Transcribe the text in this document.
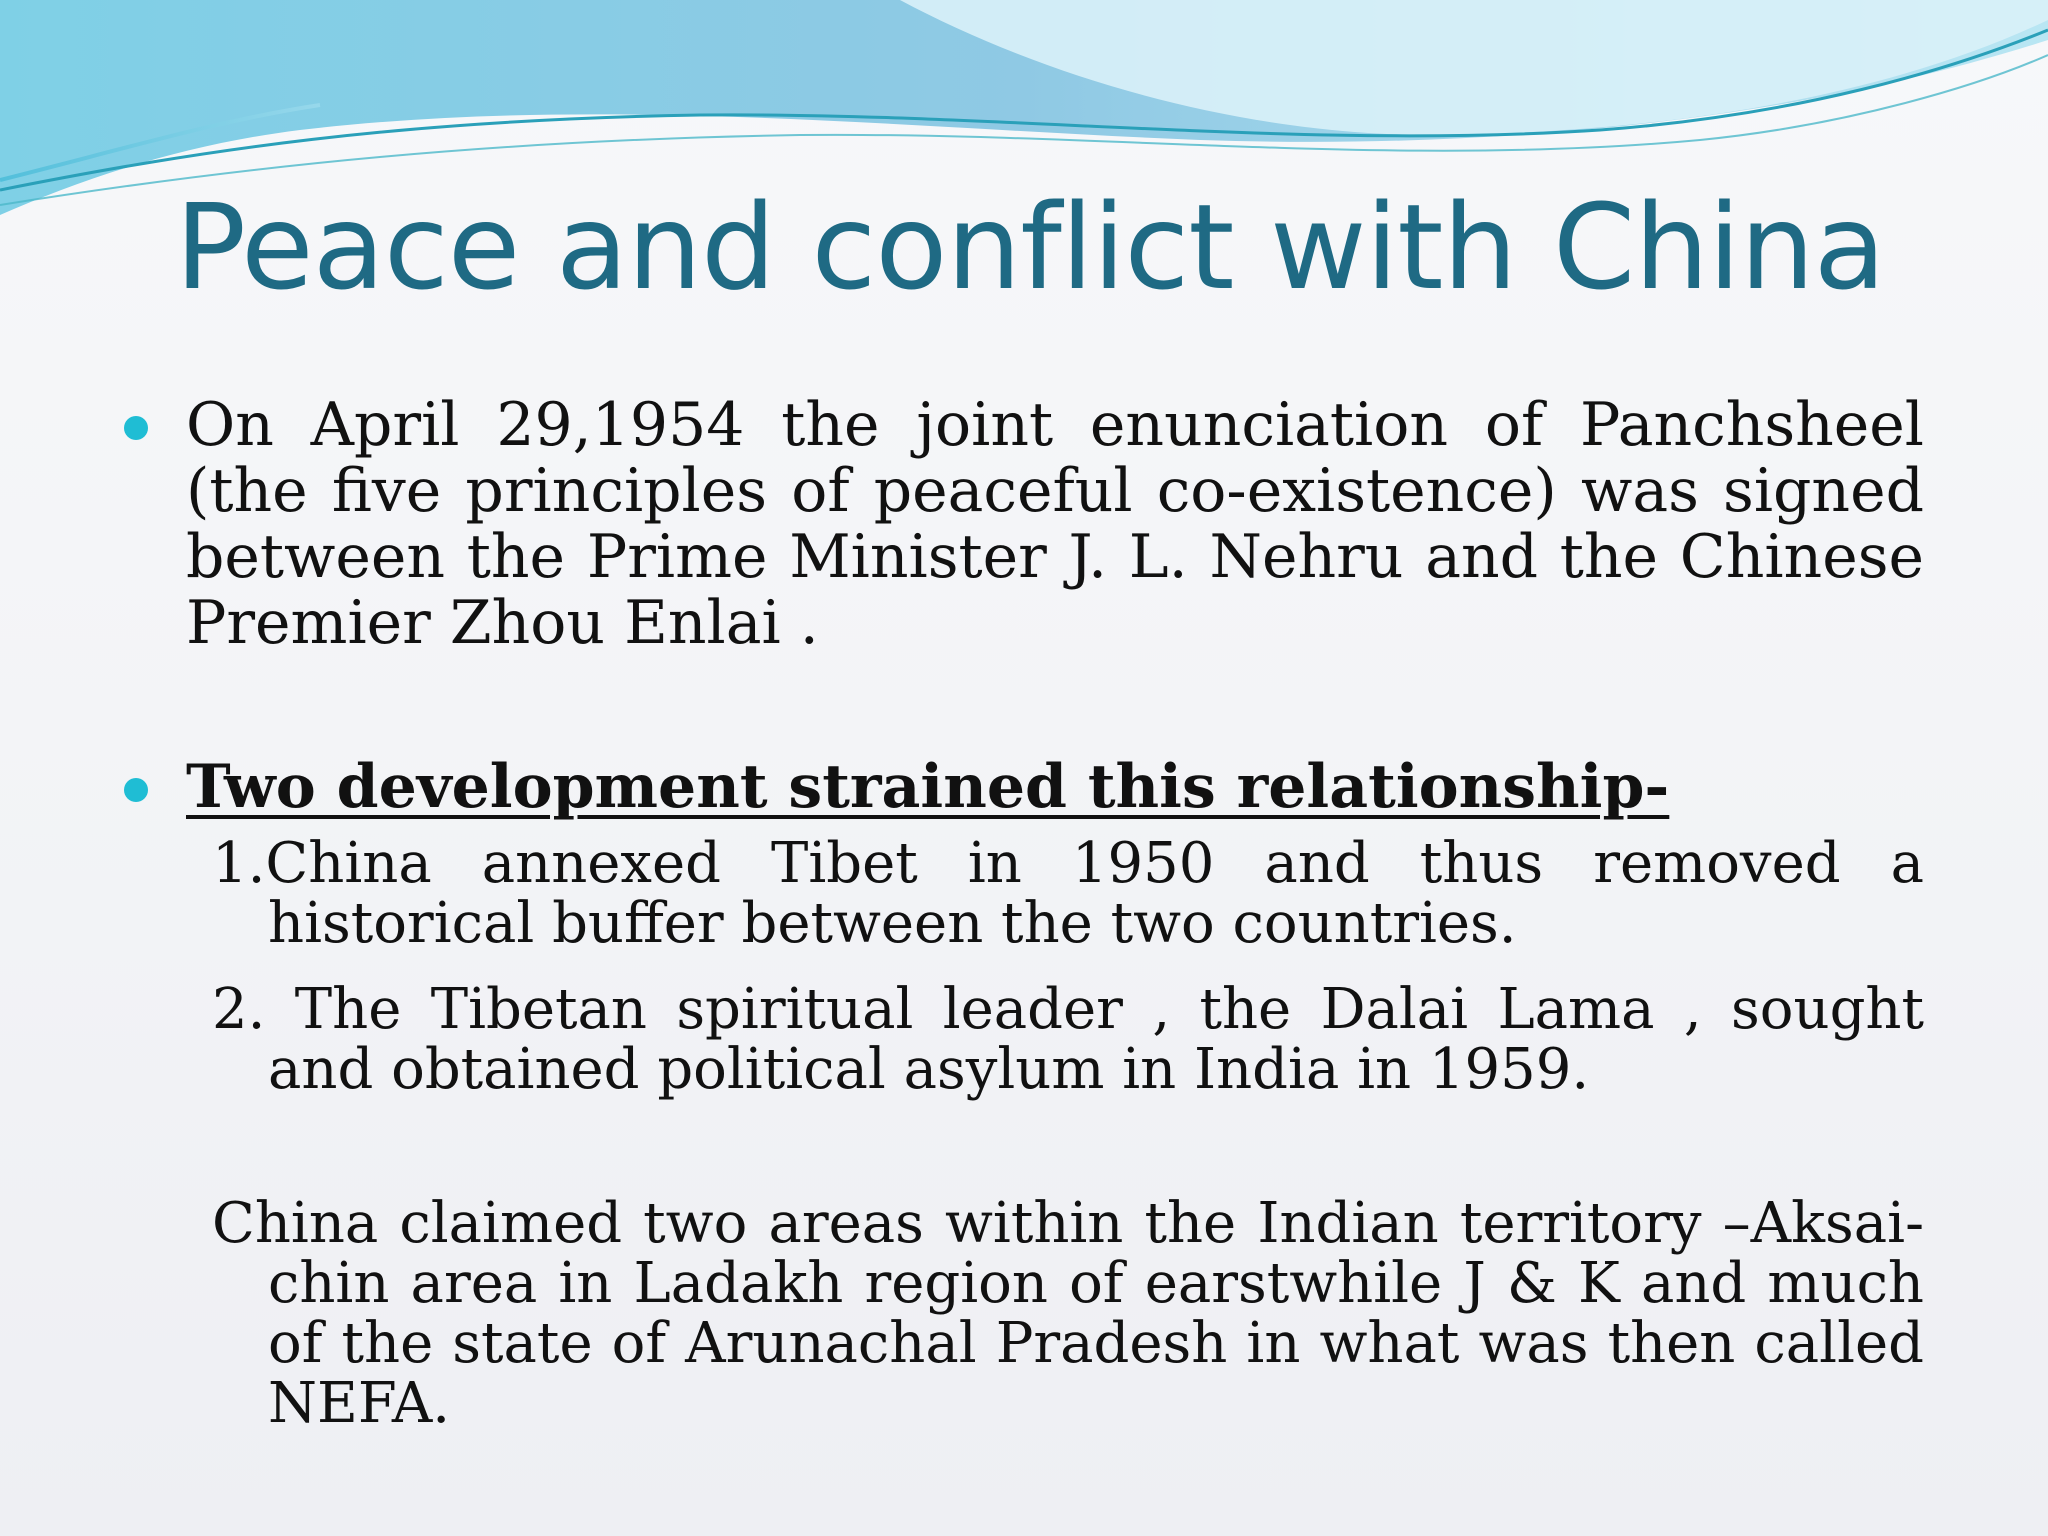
Peace and conflict with China

On April 29,1954 the joint enunciation of Panchsheel (the five principles of peaceful co-existence) was signed between the Prime Minister J. L. Nehru and the Chinese Premier Zhou Enlai .

Two development strained this relationship-

1.China annexed Tibet in 1950 and thus removed a historical buffer between the two countries.

2. The Tibetan spiritual leader , the Dalai Lama , sought and obtained political asylum in India in 1959.

China claimed two areas within the Indian territory –Aksai-chin area in Ladakh region of earstwhile J & K and much of the state of Arunachal Pradesh in what was then called NEFA.
